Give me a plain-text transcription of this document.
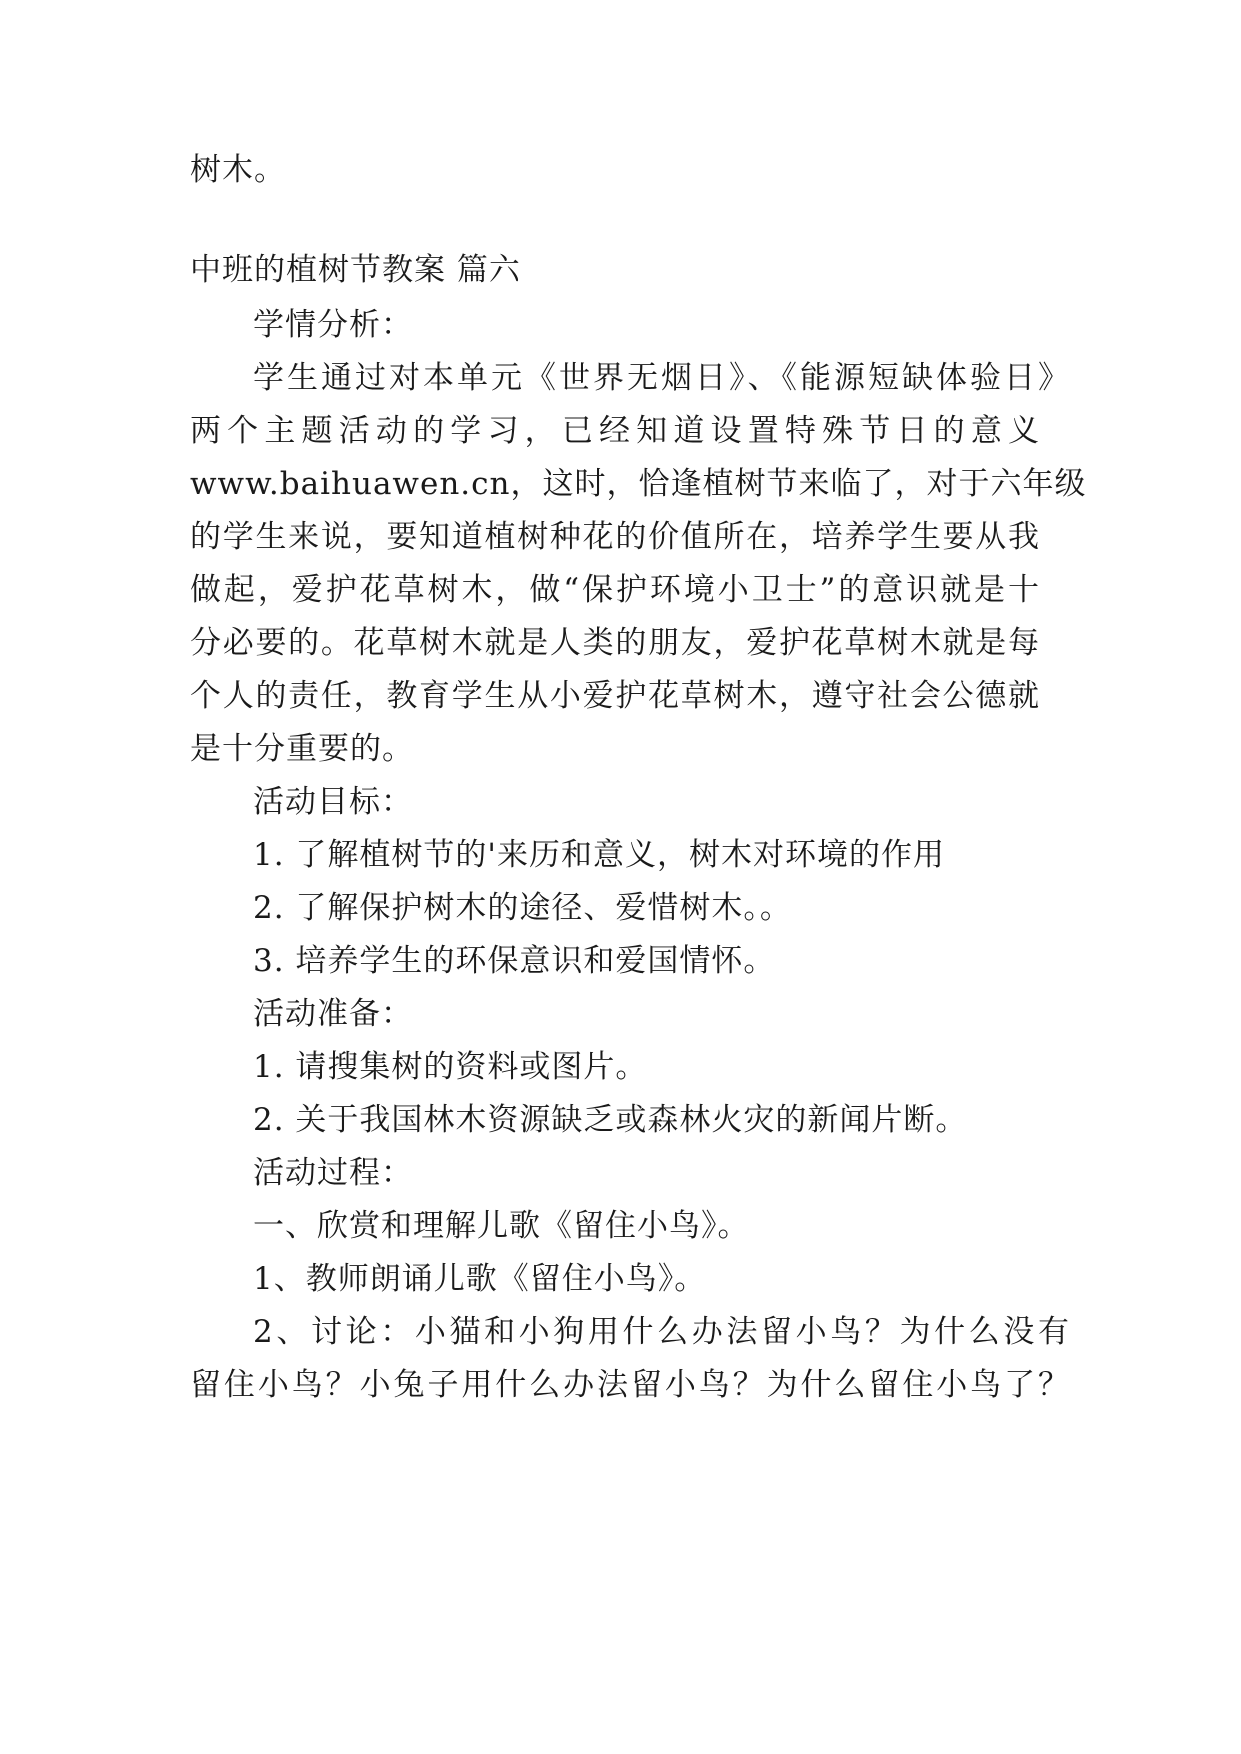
树木。
中班的植树节教案 篇六
学情分析：
学生通过对本单元《世界无烟日》、《能源短缺体验日》
两个主题活动的学习，已经知道设置特殊节日的意义
www.baihuawen.cn，这时，恰逢植树节来临了，对于六年级
的学生来说，要知道植树种花的价值所在，培养学生要从我
做起，爱护花草树木，做“保护环境小卫士”的意识就是十
分必要的。花草树木就是人类的朋友，爱护花草树木就是每
个人的责任，教育学生从小爱护花草树木，遵守社会公德就
是十分重要的。
活动目标：
1. 了解植树节的'来历和意义，树木对环境的作用
2. 了解保护树木的途径、爱惜树木。。
3. 培养学生的环保意识和爱国情怀。
活动准备：
1. 请搜集树的资料或图片。
2. 关于我国林木资源缺乏或森林火灾的新闻片断。
活动过程：
一、欣赏和理解儿歌《留住小鸟》。
1、教师朗诵儿歌《留住小鸟》。
2、讨论：小猫和小狗用什么办法留小鸟？为什么没有
留住小鸟？小兔子用什么办法留小鸟？为什么留住小鸟了？
